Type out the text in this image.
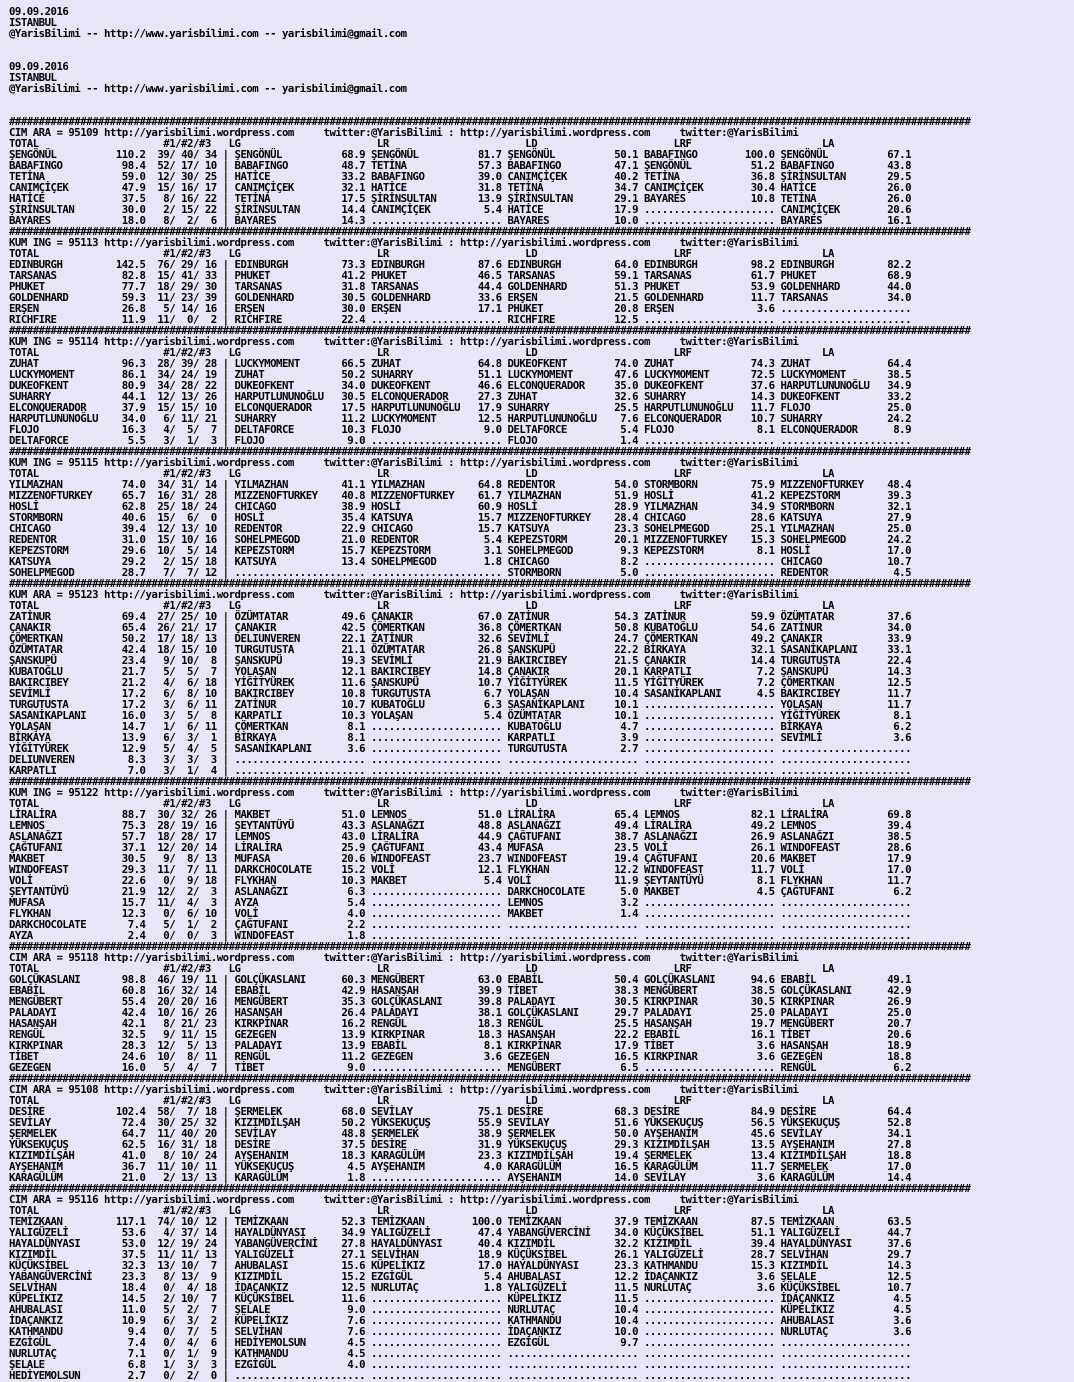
09.09.2016
ISTANBUL
@YarisBilimi -- http://www.yarisbilimi.com -- yarisbilimi@gmail.com

09.09.2016
ISTANBUL
@YarisBilimi -- http://www.yarisbilimi.com -- yarisbilimi@gmail.com

##################################################################################################################################################################
CIM ARA = 95109 http://yarisbilimi.wordpress.com     twitter:@YarisBilimi : http://yarisbilimi.wordpress.com     twitter:@YarisBilimi
TOTAL                     #1/#2/#3   LG                       LR                       LD                       LRF                      LA
ŞENGÖNÜL          110.2  39/ 40/ 34 | ŞENGÖNÜL          68.9 ŞENGÖNÜL          81.7 ŞENGÖNÜL          50.1 BABAFINGO        100.0 ŞENGÖNÜL          67.1
BABAFINGO          98.4  52/ 17/ 10 | BABAFINGO         48.7 TETİNA            57.3 BABAFINGO         47.1 ŞENGÖNÜL          51.2 BABAFINGO         43.8
TETİNA             59.0  12/ 30/ 25 | HATİCE            33.2 BABAFINGO         39.0 CANIMÇİÇEK        40.2 TETİNA            36.8 ŞİRİNSULTAN       29.5
CANIMÇİÇEK         47.9  15/ 16/ 17 | CANIMÇİÇEK        32.1 HATİCE            31.8 TETİNA            34.7 CANIMÇİÇEK        30.4 HATİCE            26.0
HATİCE             37.5   8/ 16/ 22 | TETİNA            17.5 ŞİRİNSULTAN       13.9 ŞİRİNSULTAN       29.1 BAYARES           10.8 TETİNA            26.0
ŞİRİNSULTAN        30.0   2/ 15/ 22 | ŞİRİNSULTAN       14.4 CANIMÇİÇEK         5.4 HATİCE            17.9 ...................... CANIMÇİÇEK        20.6
BAYARES            18.0   8/  2/  6 | BAYARES           14.3 ...................... BAYARES           10.0 ...................... BAYARES           16.1
##################################################################################################################################################################
KUM ING = 95113 http://yarisbilimi.wordpress.com     twitter:@YarisBilimi : http://yarisbilimi.wordpress.com     twitter:@YarisBilimi
TOTAL                     #1/#2/#3   LG                       LR                       LD                       LRF                      LA
EDINBURGH         142.5  76/ 29/ 16 | EDINBURGH         73.3 EDINBURGH         87.6 EDINBURGH         64.0 EDINBURGH         98.2 EDINBURGH         82.2
TARSANAS           82.8  15/ 41/ 33 | PHUKET            41.2 PHUKET            46.5 TARSANAS          59.1 TARSANAS          61.7 PHUKET            68.9
PHUKET             77.7  18/ 29/ 30 | TARSANAS          31.8 TARSANAS          44.4 GOLDENHARD        51.3 PHUKET            53.9 GOLDENHARD        44.0
GOLDENHARD         59.3  11/ 23/ 39 | GOLDENHARD        30.5 GOLDENHARD        33.6 ERŞEN             21.5 GOLDENHARD        11.7 TARSANAS          34.0
ERŞEN              26.8   5/ 14/ 16 | ERŞEN             30.0 ERŞEN             17.1 PHUKET            20.8 ERŞEN              3.6 ......................
RICHFIRE           11.9  11/  0/  2 | RICHFIRE          22.4 ...................... RICHFIRE          12.5 ...................... ......................
##################################################################################################################################################################
KUM ING = 95114 http://yarisbilimi.wordpress.com     twitter:@YarisBilimi : http://yarisbilimi.wordpress.com     twitter:@YarisBilimi
TOTAL                     #1/#2/#3   LG                       LR                       LD                       LRF                      LA
ZUHAT              96.3  28/ 39/ 28 | LUCKYMOMENT       66.5 ZUHAT             64.8 DUKEOFKENT        74.0 ZUHAT             74.3 ZUHAT             64.4
LUCKYMOMENT        86.1  34/ 24/ 19 | ZUHAT             50.2 SUHARRY           51.1 LUCKYMOMENT       47.6 LUCKYMOMENT       72.5 LUCKYMOMENT       38.5
DUKEOFKENT         80.9  34/ 28/ 22 | DUKEOFKENT        34.0 DUKEOFKENT        46.6 ELCONQUERADOR     35.0 DUKEOFKENT        37.6 HARPUTLUNUNOĞLU   34.9
SUHARRY            44.1  12/ 13/ 26 | HARPUTLUNUNOĞLU   30.5 ELCONQUERADOR     27.3 ZUHAT             32.6 SUHARRY           14.3 DUKEOFKENT        33.2
ELCONQUERADOR      37.9  15/ 15/ 10 | ELCONQUERADOR     17.5 HARPUTLUNUNOĞLU   17.9 SUHARRY           25.5 HARPUTLUNUNOĞLU   11.7 FLOJO             25.0
HARPUTLUNUNOĞLU    34.0   6/ 11/ 21 | SUHARRY           11.2 LUCKYMOMENT       12.5 HARPUTLUNUNOĞLU    7.6 ELCONQUERADOR     10.7 SUHARRY           24.2
FLOJO              16.3   4/  5/  7 | DELTAFORCE        10.3 FLOJO              9.0 DELTAFORCE         5.4 FLOJO              8.1 ELCONQUERADOR      8.9
DELTAFORCE          5.5   3/  1/  3 | FLOJO              9.0 ...................... FLOJO              1.4 ...................... ......................
##################################################################################################################################################################
KUM ING = 95115 http://yarisbilimi.wordpress.com     twitter:@YarisBilimi : http://yarisbilimi.wordpress.com     twitter:@YarisBilimi
TOTAL                     #1/#2/#3   LG                       LR                       LD                       LRF                      LA
YILMAZHAN          74.0  34/ 31/ 14 | YILMAZHAN         41.1 YILMAZHAN         64.8 REDENTOR          54.0 STORMBORN         75.9 MIZZENOFTURKEY    48.4
MIZZENOFTURKEY     65.7  16/ 31/ 28 | MIZZENOFTURKEY    40.8 MIZZENOFTURKEY    61.7 YILMAZHAN         51.9 HOSLİ             41.2 KEPEZSTORM        39.3
HOSLİ              62.8  25/ 18/ 24 | CHICAGO           38.9 HOSLİ             60.9 HOSLİ             28.9 YILMAZHAN         34.9 STORMBORN         32.1
STORMBORN          40.6  15/  6/  0 | HOSLİ             35.4 KATSUYA           15.7 MIZZENOFTURKEY    28.4 CHICAGO           28.6 KATSUYA           27.9
CHICAGO            39.4  12/ 13/ 10 | REDENTOR          22.9 CHICAGO           15.7 KATSUYA           23.3 SOHELPMEGOD       25.1 YILMAZHAN         25.0
REDENTOR           31.0  15/ 10/ 16 | SOHELPMEGOD       21.0 REDENTOR           5.4 KEPEZSTORM        20.1 MIZZENOFTURKEY    15.3 SOHELPMEGOD       24.2
KEPEZSTORM         29.6  10/  5/ 14 | KEPEZSTORM        15.7 KEPEZSTORM         3.1 SOHELPMEGOD        9.3 KEPEZSTORM         8.1 HOSLİ             17.0
KATSUYA            29.2   2/ 15/ 18 | KATSUYA           13.4 SOHELPMEGOD        1.8 CHICAGO            8.2 ...................... CHICAGO           10.7
SOHELPMEGOD        28.7   7/  7/ 12 | ...................... ...................... STORMBORN          5.0 ...................... REDENTOR           4.5
##################################################################################################################################################################
KUM ARA = 95123 http://yarisbilimi.wordpress.com     twitter:@YarisBilimi : http://yarisbilimi.wordpress.com     twitter:@YarisBilimi
TOTAL                     #1/#2/#3   LG                       LR                       LD                       LRF                      LA
ZATİNUR            69.4  27/ 25/ 10 | ÖZÜMTATAR         49.6 ÇANAKIR           67.0 ZATİNUR           54.3 ZATİNUR           59.9 ÖZÜMTATAR         37.6
ÇANAKIR            65.4  26/ 21/ 17 | ÇANAKIR           42.5 ÇÖMERTKAN         36.8 ÇÖMERTKAN         50.8 KUBATOĞLU         54.6 ZATİNUR           34.0
ÇÖMERTKAN          50.2  17/ 18/ 13 | DELIUNVEREN       22.1 ZATİNUR           32.6 SEVİMLİ           24.7 ÇÖMERTKAN         49.2 ÇANAKIR           33.9
ÖZÜMTATAR          42.4  18/ 15/ 10 | TURGUTUSTA        21.1 ÖZÜMTATAR         26.8 ŞANSKUPÜ          22.2 BİRKAYA           32.1 SASANİKAPLANI     33.1
ŞANSKUPÜ           23.4   9/ 10/  8 | ŞANSKUPÜ          19.3 SEVİMLİ           21.9 BAKIRCIBEY        21.5 ÇANAKIR           14.4 TURGUTUSTA        22.4
KUBATOĞLU          21.7   5/  5/  7 | YOLAŞAN           12.1 BAKIRCIBEY        14.8 ÇANAKIR           20.1 KARPATLI           7.2 ŞANSKUPÜ          14.3
BAKIRCIBEY         21.2   4/  6/ 18 | YİĞİTYÜREK        11.6 ŞANSKUPÜ          10.7 YİĞİTYÜREK        11.5 YİĞİTYÜREK         7.2 ÇÖMERTKAN         12.5
SEVİMLİ            17.2   6/  8/ 10 | BAKIRCIBEY        10.8 TURGUTUSTA         6.7 YOLAŞAN           10.4 SASANİKAPLANI      4.5 BAKIRCIBEY        11.7
TURGUTUSTA         17.2   3/  6/ 11 | ZATİNUR           10.7 KUBATOĞLU          6.3 SASANİKAPLANI     10.1 ...................... YOLAŞAN           11.7
SASANİKAPLANI      16.0   3/  5/  8 | KARPATLI          10.3 YOLAŞAN            5.4 ÖZÜMTATAR         10.1 ...................... YİĞİTYÜREK         8.1
YOLAŞAN            14.7   1/  6/ 11 | ÇÖMERTKAN          8.1 ...................... KUBATOĞLU          4.7 ...................... BİRKAYA            6.2
BİRKAYA            13.9   6/  3/  1 | BİRKAYA            8.1 ...................... KARPATLI           3.9 ...................... SEVİMLİ            3.6
YİĞİTYÜREK         12.9   5/  4/  5 | SASANİKAPLANI      3.6 ...................... TURGUTUSTA         2.7 ...................... ......................
DELIUNVEREN         8.3   3/  3/  3 | ...................... ...................... ...................... ...................... ......................
KARPATLI            7.0   3/  1/  4 | ...................... ...................... ...................... ...................... ......................
##################################################################################################################################################################
KUM ING = 95122 http://yarisbilimi.wordpress.com     twitter:@YarisBilimi : http://yarisbilimi.wordpress.com     twitter:@YarisBilimi
TOTAL                     #1/#2/#3   LG                       LR                       LD                       LRF                      LA
LİRALİRA           88.7  30/ 32/ 26 | MAKBET            51.0 LEMNOS            51.0 LİRALİRA          65.4 LEMNOS            82.1 LİRALİRA          69.8
LEMNOS             75.3  28/ 19/ 16 | ŞEYTANTÜYÜ        43.3 ASLANAĞZI         48.8 ASLANAĞZI         49.4 LİRALİRA          49.2 LEMNOS            39.4
ASLANAĞZI          57.7  18/ 28/ 17 | LEMNOS            43.0 LİRALİRA          44.9 ÇAĞTUFANI         38.7 ASLANAĞZI         26.9 ASLANAĞZI         38.5
ÇAĞTUFANI          37.1  12/ 20/ 14 | LİRALİRA          25.9 ÇAĞTUFANI         43.4 MUFASA            23.5 VOLİ              26.1 WINDOFEAST        28.6
MAKBET             30.5   9/  8/ 13 | MUFASA            20.6 WINDOFEAST        23.7 WINDOFEAST        19.4 ÇAĞTUFANI         20.6 MAKBET            17.9
WINDOFEAST         29.3  11/  7/ 11 | DARKCHOCOLATE     15.2 VOLİ              12.1 FLYKHAN           12.2 WINDOFEAST        11.7 VOLİ              17.0
VOLİ               22.6   0/  9/ 18 | FLYKHAN           10.3 MAKBET             5.4 VOLİ              11.9 ŞEYTANTÜYÜ         8.1 FLYKHAN           11.7
ŞEYTANTÜYÜ         21.9  12/  2/  3 | ASLANAĞZI          6.3 ...................... DARKCHOCOLATE      5.0 MAKBET             4.5 ÇAĞTUFANI          6.2
MUFASA             15.7  11/  4/  3 | AYZA               5.4 ...................... LEMNOS             3.2 ...................... ......................
FLYKHAN            12.3   0/  6/ 10 | VOLİ               4.0 ...................... MAKBET             1.4 ...................... ......................
DARKCHOCOLATE       7.4   5/  1/  2 | ÇAĞTUFANI          2.2 ...................... ...................... ...................... ......................
AYZA                2.4   0/  0/  3 | WINDOFEAST         1.8 ...................... ...................... ...................... ......................
##################################################################################################################################################################
CIM ARA = 95118 http://yarisbilimi.wordpress.com     twitter:@YarisBilimi : http://yarisbilimi.wordpress.com     twitter:@YarisBilimi
TOTAL                     #1/#2/#3   LG                       LR                       LD                       LRF                      LA
GOLÇÜKASLANI       98.8  46/ 19/ 11 | GOLÇÜKASLANI      60.3 MENGÜBERT         63.0 EBABİL            50.4 GOLÇÜKASLANI      94.6 EBABİL            49.1
EBABİL             60.8  16/ 32/ 14 | EBABİL            42.9 HASANŞAH          39.9 TİBET             38.3 MENGÜBERT         38.5 GOLÇÜKASLANI      42.9
MENGÜBERT          55.4  20/ 20/ 16 | MENGÜBERT         35.3 GOLÇÜKASLANI      39.8 PALADAYI          30.5 KIRKPINAR         30.5 KIRKPINAR         26.9
PALADAYI           42.4  10/ 16/ 26 | HASANŞAH          26.4 PALADAYI          38.1 GOLÇÜKASLANI      29.7 PALADAYI          25.0 PALADAYI          25.0
HASANŞAH           42.1   8/ 21/ 23 | KIRKPINAR         16.2 RENGÜL            18.3 RENGÜL            25.5 HASANŞAH          19.7 MENGÜBERT         20.7
RENGÜL             32.5   9/ 11/ 15 | GEZEGEN           13.9 KIRKPINAR         18.3 HASANŞAH          22.2 EBABİL            16.1 TİBET             20.6
KIRKPINAR          28.3  12/  5/ 13 | PALADAYI          13.9 EBABİL             8.1 KIRKPINAR         17.9 TİBET              3.6 HASANŞAH          18.9
TİBET              24.6  10/  8/ 11 | RENGÜL            11.2 GEZEGEN            3.6 GEZEGEN           16.5 KIRKPINAR          3.6 GEZEGEN           18.8
GEZEGEN            16.0   5/  4/  7 | TİBET              9.0 ...................... MENGÜBERT          6.5 ...................... RENGÜL             6.2
##################################################################################################################################################################
CIM ARA = 95108 http://yarisbilimi.wordpress.com     twitter:@YarisBilimi : http://yarisbilimi.wordpress.com     twitter:@YarisBilimi
TOTAL                     #1/#2/#3   LG                       LR                       LD                       LRF                      LA
DESİRE            102.4  58/  7/ 18 | ŞERMELEK          68.0 SEVİLAY           75.1 DESİRE            68.3 DESİRE            84.9 DESİRE            64.4
SEVİLAY            72.4  30/ 25/ 32 | KIZIMDİLŞAH       50.2 YÜKSEKUÇUŞ        55.9 SEVİLAY           51.6 YÜKSEKUÇUŞ        56.5 YÜKSEKUÇUŞ        52.8
ŞERMELEK           64.7  11/ 40/ 20 | SEVİLAY           48.8 ŞERMELEK          38.9 ŞERMELEK          50.0 AYŞEHANIM         45.6 SEVİLAY           34.1
YÜKSEKUÇUŞ         62.5  16/ 31/ 18 | DESİRE            37.5 DESİRE            31.9 YÜKSEKUÇUŞ        29.3 KIZIMDİLŞAH       13.5 AYŞEHANIM         27.8
KIZIMDİLŞAH        41.0   8/ 10/ 24 | AYŞEHANIM         18.3 KARAGÜLÜM         23.3 KIZIMDİLŞAH       19.4 ŞERMELEK          13.4 KIZIMDİLŞAH       18.8
AYŞEHANIM          36.7  11/ 10/ 11 | YÜKSEKUÇUŞ         4.5 AYŞEHANIM          4.0 KARAGÜLÜM         16.5 KARAGÜLÜM         11.7 ŞERMELEK          17.0
KARAGÜLÜM          21.0   2/ 13/ 13 | KARAGÜLÜM          1.8 ...................... AYŞEHANIM         14.0 SEVİLAY            3.6 KARAGÜLÜM         14.4
##################################################################################################################################################################
CIM ARA = 95116 http://yarisbilimi.wordpress.com     twitter:@YarisBilimi : http://yarisbilimi.wordpress.com     twitter:@YarisBilimi
TOTAL                     #1/#2/#3   LG                       LR                       LD                       LRF                      LA
TEMİZKAAN         117.1  74/ 10/ 12 | TEMİZKAAN         52.3 TEMİZKAAN        100.0 TEMİZKAAN         37.9 TEMİZKAAN         87.5 TEMİZKAAN         63.5
YALIGÜZELİ         53.6   4/ 37/ 14 | HAYALDÜNYASI      34.9 YALIGÜZELİ        47.4 YABANGÜVERCİNİ    34.0 KÜÇÜKSİBEL        51.1 YALIGÜZELİ        44.7
HAYALDÜNYASI       53.0  12/ 19/ 24 | YABANGÜVERCİNİ    27.8 HAYALDÜNYASI      40.4 KIZIMDİL          32.2 KIZIMDİL          39.4 HAYALDÜNYASI      37.6
KIZIMDİL           37.5  11/ 11/ 13 | YALIGÜZELİ        27.1 SELVİHAN          18.9 KÜÇÜKSİBEL        26.1 YALIGÜZELİ        28.7 SELVİHAN          29.7
KÜÇÜKSİBEL         32.3  13/ 10/  7 | AHUBALASI         15.6 KÜPELİKIZ         17.0 HAYALDÜNYASI      23.3 KATHMANDU         15.3 KIZIMDİL          14.3
YABANGÜVERCİNİ     23.3   8/ 13/  9 | KIZIMDİL          15.2 EZGİGÜL            5.4 AHUBALASI         12.2 İDAÇANKIZ          3.6 ŞELALE            12.5
SELVİHAN           18.4   0/  4/ 18 | İDAÇANKIZ         12.5 NURLUTAÇ           1.8 YALIGÜZELİ        11.5 NURLUTAÇ           3.6 KÜÇÜKSİBEL        10.7
KÜPELİKIZ          14.5   2/ 10/  7 | KÜÇÜKSİBEL        11.6 ...................... KÜPELİKIZ         11.5 ...................... İDAÇANKIZ          4.5
AHUBALASI          11.0   5/  2/  7 | ŞELALE             9.0 ...................... NURLUTAÇ          10.4 ...................... KÜPELİKIZ          4.5
İDAÇANKIZ          10.9   6/  3/  2 | KÜPELİKIZ          7.6 ...................... KATHMANDU         10.4 ...................... AHUBALASI          3.6
KATHMANDU           9.4   0/  7/  5 | SELVİHAN           7.6 ...................... İDAÇANKIZ         10.0 ...................... NURLUTAÇ           3.6
EZGİGÜL             7.4   0/  4/  6 | HEDİYEMOLSUN       4.5 ...................... EZGİGÜL            9.7 ...................... ......................
NURLUTAÇ            7.1   0/  1/  9 | KATHMANDU          4.5 ...................... ...................... ...................... ......................
ŞELALE              6.8   1/  3/  3 | EZGİGÜL            4.0 ...................... ...................... ...................... ......................
HEDİYEMOLSUN        2.7   0/  2/  0 | ...................... ...................... ...................... ...................... ......................
